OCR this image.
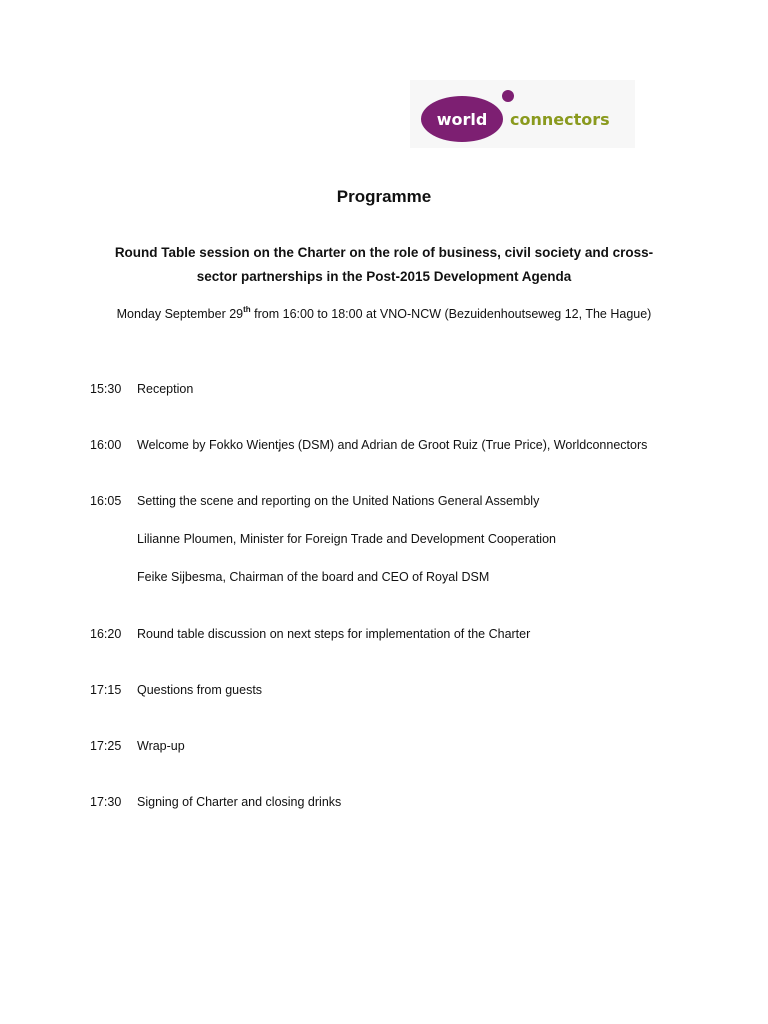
world connectors
Programme
Round Table session on the Charter on the role of business, civil society and cross-
sector partnerships in the Post-2015 Development Agenda
Monday September 29th from 16:00 to 18:00 at VNO-NCW (Bezuidenhoutseweg 12, The Hague)
15:30 Reception
16:00 Welcome by Fokko Wientjes (DSM) and Adrian de Groot Ruiz (True Price), Worldconnectors
16:05 Setting the scene and reporting on the United Nations General Assembly
Lilianne Ploumen, Minister for Foreign Trade and Development Cooperation
Feike Sijbesma, Chairman of the board and CEO of Royal DSM
16:20 Round table discussion on next steps for implementation of the Charter
17:15 Questions from guests
17:25 Wrap-up
17:30 Signing of Charter and closing drinks
